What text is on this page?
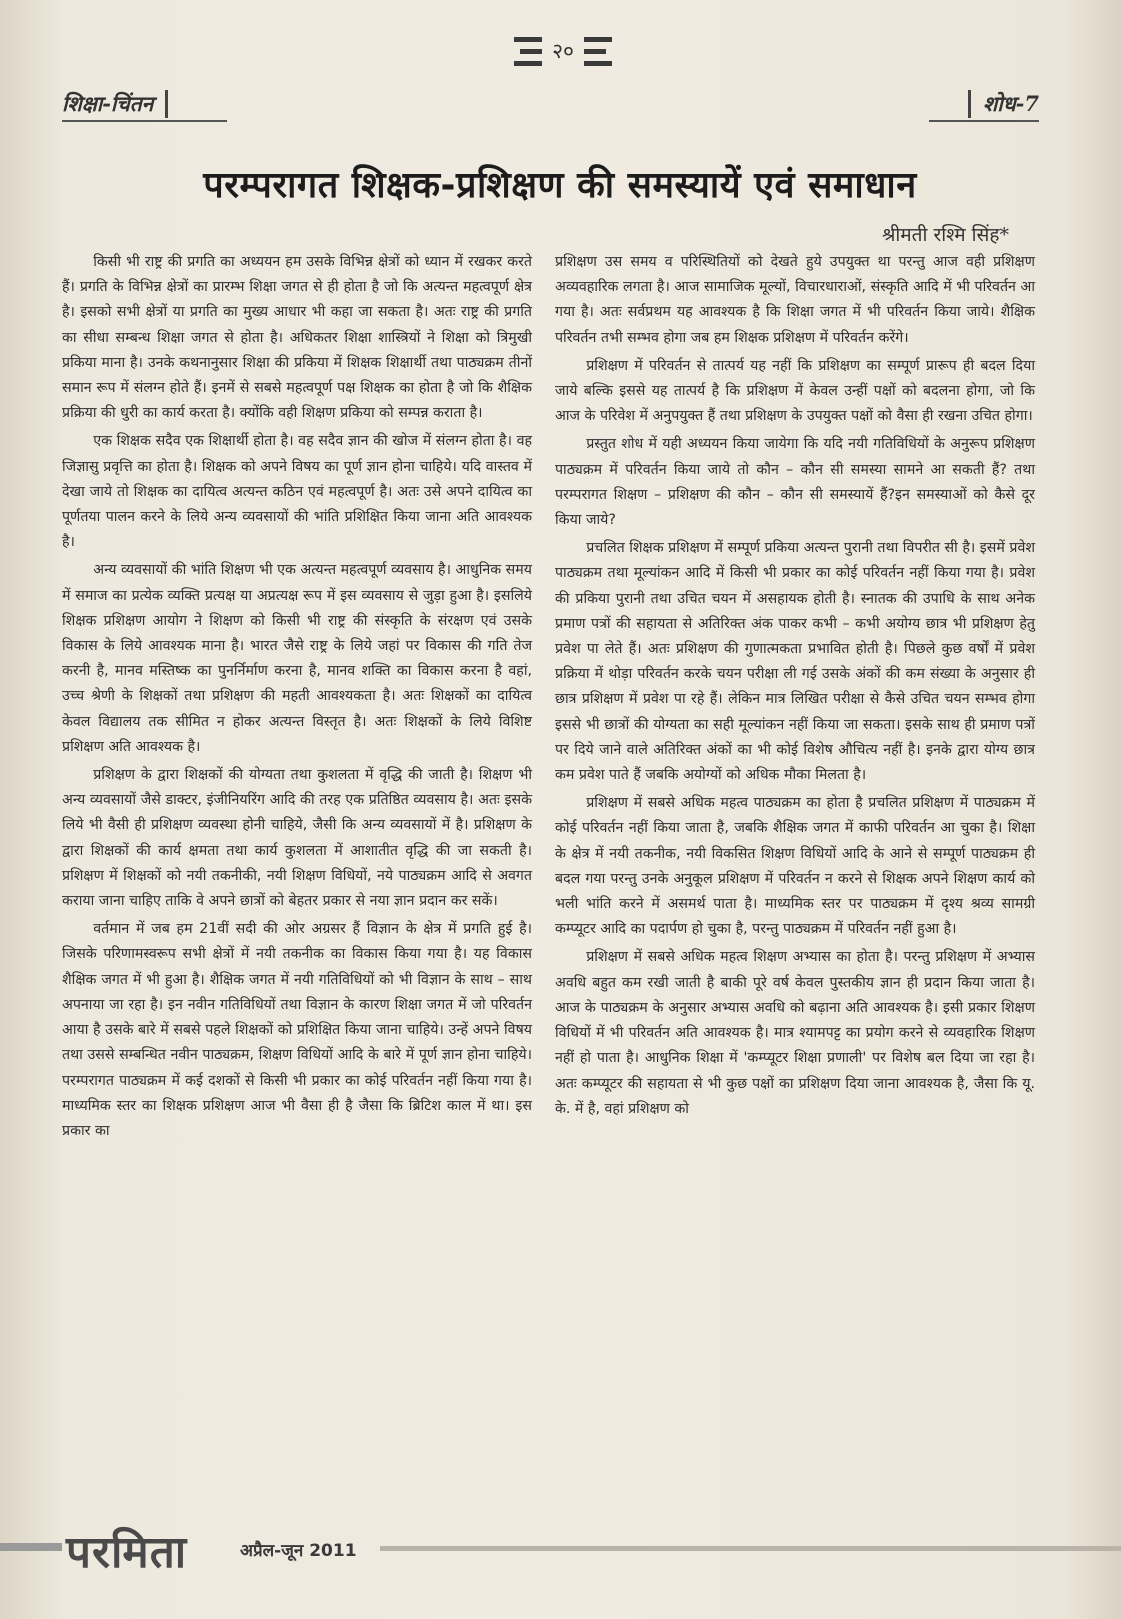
२०
शिक्षा-चिंतन	शोध-7
परम्परागत शिक्षक-प्रशिक्षण की समस्यायें एवं समाधान
श्रीमती रश्मि सिंह*

किसी भी राष्ट्र की प्रगति का अध्ययन हम उसके विभिन्न क्षेत्रों को ध्यान में रखकर करते हैं। प्रगति के विभिन्न क्षेत्रों का प्रारम्भ शिक्षा जगत से ही होता है जो कि अत्यन्त महत्वपूर्ण क्षेत्र है। इसको सभी क्षेत्रों या प्रगति का मुख्य आधार भी कहा जा सकता है। अतः राष्ट्र की प्रगति का सीधा सम्बन्ध शिक्षा जगत से होता है। अधिकतर शिक्षा शास्त्रियों ने शिक्षा को त्रिमुखी प्रकिया माना है। उनके कथनानुसार शिक्षा की प्रकिया में शिक्षक शिक्षार्थी तथा पाठ्यक्रम तीनों समान रूप में संलग्न होते हैं। इनमें से सबसे महत्वपूर्ण पक्ष शिक्षक का होता है जो कि शैक्षिक प्रक्रिया की धुरी का कार्य करता है। क्योंकि वही शिक्षण प्रकिया को सम्पन्न कराता है।

एक शिक्षक सदैव एक शिक्षार्थी होता है। वह सदैव ज्ञान की खोज में संलग्न होता है। वह जिज्ञासु प्रवृत्ति का होता है। शिक्षक को अपने विषय का पूर्ण ज्ञान होना चाहिये। यदि वास्तव में देखा जाये तो शिक्षक का दायित्व अत्यन्त कठिन एवं महत्वपूर्ण है। अतः उसे अपने दायित्व का पूर्णतया पालन करने के लिये अन्य व्यवसायों की भांति प्रशिक्षित किया जाना अति आवश्यक है।

अन्य व्यवसायों की भांति शिक्षण भी एक अत्यन्त महत्वपूर्ण व्यवसाय है। आधुनिक समय में समाज का प्रत्येक व्यक्ति प्रत्यक्ष या अप्रत्यक्ष रूप में इस व्यवसाय से जुड़ा हुआ है। इसलिये शिक्षक प्रशिक्षण आयोग ने शिक्षण को किसी भी राष्ट्र की संस्कृति के संरक्षण एवं उसके विकास के लिये आवश्यक माना है। भारत जैसे राष्ट्र के लिये जहां पर विकास की गति तेज करनी है, मानव मस्तिष्क का पुनर्निर्माण करना है, मानव शक्ति का विकास करना है वहां, उच्च श्रेणी के शिक्षकों तथा प्रशिक्षण की महती आवश्यकता है। अतः शिक्षकों का दायित्व केवल विद्यालय तक सीमित न होकर अत्यन्त विस्तृत है। अतः शिक्षकों के लिये विशिष्ट प्रशिक्षण अति आवश्यक है।

प्रशिक्षण के द्वारा शिक्षकों की योग्यता तथा कुशलता में वृद्धि की जाती है। शिक्षण भी अन्य व्यवसायों जैसे डाक्टर, इंजीनियरिंग आदि की तरह एक प्रतिष्ठित व्यवसाय है। अतः इसके लिये भी वैसी ही प्रशिक्षण व्यवस्था होनी चाहिये, जैसी कि अन्य व्यवसायों में है। प्रशिक्षण के द्वारा शिक्षकों की कार्य क्षमता तथा कार्य कुशलता में आशातीत वृद्धि की जा सकती है। प्रशिक्षण में शिक्षकों को नयी तकनीकी, नयी शिक्षण विधियों, नये पाठ्यक्रम आदि से अवगत कराया जाना चाहिए ताकि वे अपने छात्रों को बेहतर प्रकार से नया ज्ञान प्रदान कर सकें।

वर्तमान में जब हम 21वीं सदी की ओर अग्रसर हैं विज्ञान के क्षेत्र में प्रगति हुई है। जिसके परिणामस्वरूप सभी क्षेत्रों में नयी तकनीक का विकास किया गया है। यह विकास शैक्षिक जगत में भी हुआ है। शैक्षिक जगत में नयी गतिविधियों को भी विज्ञान के साथ – साथ अपनाया जा रहा है। इन नवीन गतिविधियों तथा विज्ञान के कारण शिक्षा जगत में जो परिवर्तन आया है उसके बारे में सबसे पहले शिक्षकों को प्रशिक्षित किया जाना चाहिये। उन्हें अपने विषय तथा उससे सम्बन्धित नवीन पाठ्यक्रम, शिक्षण विधियों आदि के बारे में पूर्ण ज्ञान होना चाहिये। परम्परागत पाठ्यक्रम में कई दशकों से किसी भी प्रकार का कोई परिवर्तन नहीं किया गया है। माध्यमिक स्तर का शिक्षक प्रशिक्षण आज भी वैसा ही है जैसा कि ब्रिटिश काल में था। इस प्रकार का

प्रशिक्षण उस समय व परिस्थितियों को देखते हुये उपयुक्त था परन्तु आज वही प्रशिक्षण अव्यवहारिक लगता है। आज सामाजिक मूल्यों, विचारधाराओं, संस्कृति आदि में भी परिवर्तन आ गया है। अतः सर्वप्रथम यह आवश्यक है कि शिक्षा जगत में भी परिवर्तन किया जाये। शैक्षिक परिवर्तन तभी सम्भव होगा जब हम शिक्षक प्रशिक्षण में परिवर्तन करेंगे।

प्रशिक्षण में परिवर्तन से तात्पर्य यह नहीं कि प्रशिक्षण का सम्पूर्ण प्रारूप ही बदल दिया जाये बल्कि इससे यह तात्पर्य है कि प्रशिक्षण में केवल उन्हीं पक्षों को बदलना होगा, जो कि आज के परिवेश में अनुपयुक्त हैं तथा प्रशिक्षण के उपयुक्त पक्षों को वैसा ही रखना उचित होगा।

प्रस्तुत शोध में यही अध्ययन किया जायेगा कि यदि नयी गतिविधियों के अनुरूप प्रशिक्षण पाठ्यक्रम में परिवर्तन किया जाये तो कौन – कौन सी समस्या सामने आ सकती हैं? तथा परम्परागत शिक्षण – प्रशिक्षण की कौन – कौन सी समस्यायें हैं?इन समस्याओं को कैसे दूर किया जाये?

प्रचलित शिक्षक प्रशिक्षण में सम्पूर्ण प्रकिया अत्यन्त पुरानी तथा विपरीत सी है। इसमें प्रवेश पाठ्यक्रम तथा मूल्यांकन आदि में किसी भी प्रकार का कोई परिवर्तन नहीं किया गया है। प्रवेश की प्रकिया पुरानी तथा उचित चयन में असहायक होती है। स्नातक की उपाधि के साथ अनेक प्रमाण पत्रों की सहायता से अतिरिक्त अंक पाकर कभी – कभी अयोग्य छात्र भी प्रशिक्षण हेतु प्रवेश पा लेते हैं। अतः प्रशिक्षण की गुणात्मकता प्रभावित होती है। पिछले कुछ वर्षों में प्रवेश प्रक्रिया में थोड़ा परिवर्तन करके चयन परीक्षा ली गई उसके अंकों की कम संख्या के अनुसार ही छात्र प्रशिक्षण में प्रवेश पा रहे हैं। लेकिन मात्र लिखित परीक्षा से कैसे उचित चयन सम्भव होगा इससे भी छात्रों की योग्यता का सही मूल्यांकन नहीं किया जा सकता। इसके साथ ही प्रमाण पत्रों पर दिये जाने वाले अतिरिक्त अंकों का भी कोई विशेष औचित्य नहीं है। इनके द्वारा योग्य छात्र कम प्रवेश पाते हैं जबकि अयोग्यों को अधिक मौका मिलता है।

प्रशिक्षण में सबसे अधिक महत्व पाठ्यक्रम का होता है प्रचलित प्रशिक्षण में पाठ्यक्रम में कोई परिवर्तन नहीं किया जाता है, जबकि शैक्षिक जगत में काफी परिवर्तन आ चुका है। शिक्षा के क्षेत्र में नयी तकनीक, नयी विकसित शिक्षण विधियों आदि के आने से सम्पूर्ण पाठ्यक्रम ही बदल गया परन्तु उनके अनुकूल प्रशिक्षण में परिवर्तन न करने से शिक्षक अपने शिक्षण कार्य को भली भांति करने में असमर्थ पाता है। माध्यमिक स्तर पर पाठ्यक्रम में दृश्य श्रव्य सामग्री कम्प्यूटर आदि का पदार्पण हो चुका है, परन्तु पाठ्यक्रम में परिवर्तन नहीं हुआ है।

प्रशिक्षण में सबसे अधिक महत्व शिक्षण अभ्यास का होता है। परन्तु प्रशिक्षण में अभ्यास अवधि बहुत कम रखी जाती है बाकी पूरे वर्ष केवल पुस्तकीय ज्ञान ही प्रदान किया जाता है। आज के पाठ्यक्रम के अनुसार अभ्यास अवधि को बढ़ाना अति आवश्यक है। इसी प्रकार शिक्षण विधियों में भी परिवर्तन अति आवश्यक है। मात्र श्यामपट्ट का प्रयोग करने से व्यवहारिक शिक्षण नहीं हो पाता है। आधुनिक शिक्षा में 'कम्प्यूटर शिक्षा प्रणाली' पर विशेष बल दिया जा रहा है। अतः कम्प्यूटर की सहायता से भी कुछ पक्षों का प्रशिक्षण दिया जाना आवश्यक है, जैसा कि यू. के. में है, वहां प्रशिक्षण को

परमिता	अप्रैल-जून 2011
